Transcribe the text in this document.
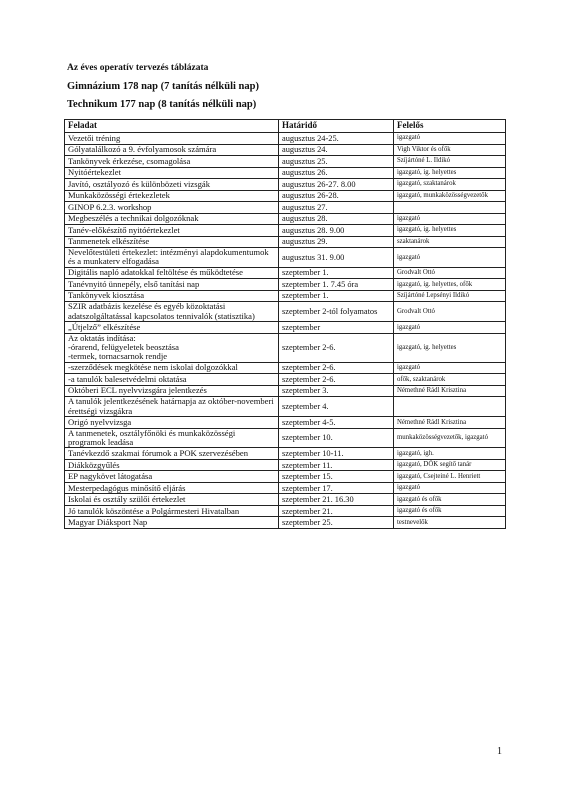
Az éves operatív tervezés táblázata
Gimnázium 178 nap (7 tanítás nélküli nap)
Technikum 177 nap (8 tanítás nélküli nap)
Feladat	Határidő	Felelős
Vezetői tréning	augusztus 24-25.	igazgató
Gólyatalálkozó a 9. évfolyamosok számára	augusztus 24.	Vigh Viktor és ofők
Tankönyvek érkezése, csomagolása	augusztus 25.	Szíjártóné L. Ildikó
Nyitóértekezlet	augusztus 26.	igazgató, ig. helyettes
Javító, osztályozó és különbözeti vizsgák	augusztus 26-27. 8.00	igazgató, szaktanárok
Munkaközösségi értekezletek	augusztus 26-28.	igazgató, munkaközösségvezetők
GINOP 6.2.3. workshop	augusztus 27.	
Megbeszélés a technikai dolgozóknak	augusztus 28.	igazgató
Tanév-előkészítő nyitóértekezlet	augusztus 28. 9.00	igazgató, ig. helyettes
Tanmenetek elkészítése	augusztus 29.	szaktanárok
Nevelőtestületi értekezlet: intézményi alapdokumentumok és a munkaterv elfogadása	augusztus 31. 9.00	igazgató
Digitális napló adatokkal feltöltése és működtetése	szeptember 1.	Grodvalt Ottó
Tanévnyitó ünnepély, első tanítási nap	szeptember 1. 7.45 óra	igazgató, ig. helyettes, ofők
Tankönyvek kiosztása	szeptember 1.	Szíjártóné Lepsényi Ildikó
SZIR adatbázis kezelése és egyéb közoktatási adatszolgáltatással kapcsolatos tennivalók (statisztika)	szeptember 2-tól folyamatos	Grodvalt Ottó
„Útjelző” elkészítése	szeptember	igazgató
Az oktatás indítása:
-órarend, felügyeletek beosztása
-termek, tornacsarnok rendje	szeptember 2-6.	igazgató, ig. helyettes
-szerződések megkötése nem iskolai dolgozókkal	szeptember 2-6.	igazgató
-a tanulók balesetvédelmi oktatása	szeptember 2-6.	ofők, szaktanárok
Októberi ECL nyelvvizsgára jelentkezés	szeptember 3.	Némethné Rádl Krisztina
A tanulók jelentkezésének határnapja az október-novemberi érettségi vizsgákra	szeptember 4.	
Origó nyelvvizsga	szeptember 4-5.	Némethné Rádl Krisztina
A tanmenetek, osztályfőnöki és munkaközösségi programok leadása	szeptember 10.	munkaközösségvezetők, igazgató
Tanévkezdő szakmai fórumok a POK szervezésében	szeptember 10-11.	igazgató, igh.
Diákközgyűlés	szeptember 11.	igazgató, DÖK segítő tanár
EP nagykövet látogatása	szeptember 15.	igazgató, Csejteiné L. Henriett
Mesterpedagógus minősítő eljárás	szeptember 17.	igazgató
Iskolai és osztály szülői értekezlet	szeptember 21. 16.30	igazgató és ofők
Jó tanulók köszöntése a Polgármesteri Hivatalban	szeptember 21.	igazgató és ofők
Magyar Diáksport Nap	szeptember 25.	testnevelők
1
